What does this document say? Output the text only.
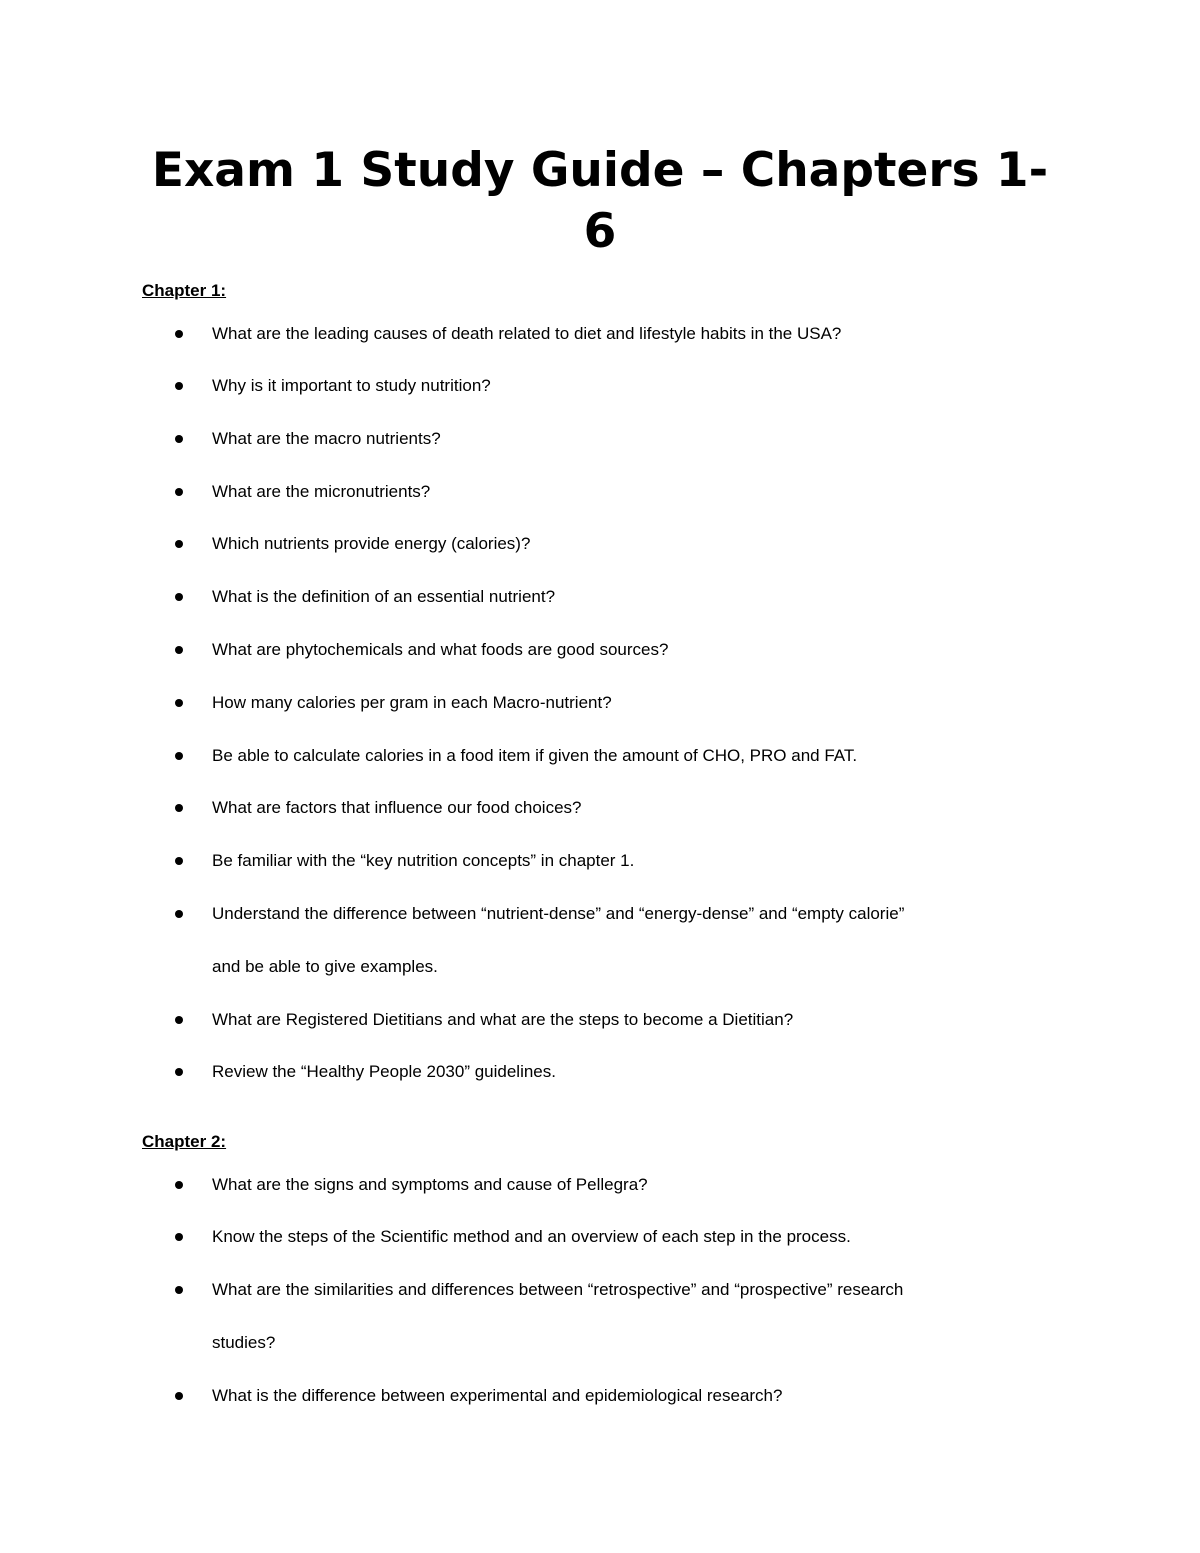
Exam 1 Study Guide – Chapters 1-6
Chapter 1:
What are the leading causes of death related to diet and lifestyle habits in the USA?
Why is it important to study nutrition?
What are the macro nutrients?
What are the micronutrients?
Which nutrients provide energy (calories)?
What is the definition of an essential nutrient?
What are phytochemicals and what foods are good sources?
How many calories per gram in each Macro-nutrient?
Be able to calculate calories in a food item if given the amount of CHO, PRO and FAT.
What are factors that influence our food choices?
Be familiar with the “key nutrition concepts” in chapter 1.
Understand the difference between “nutrient-dense” and “energy-dense” and “empty calorie”
and be able to give examples.
What are Registered Dietitians and what are the steps to become a Dietitian?
Review the “Healthy People 2030” guidelines.
Chapter 2:
What are the signs and symptoms and cause of Pellegra?
Know the steps of the Scientific method and an overview of each step in the process.
What are the similarities and differences between “retrospective” and “prospective” research
studies?
What is the difference between experimental and epidemiological research?
